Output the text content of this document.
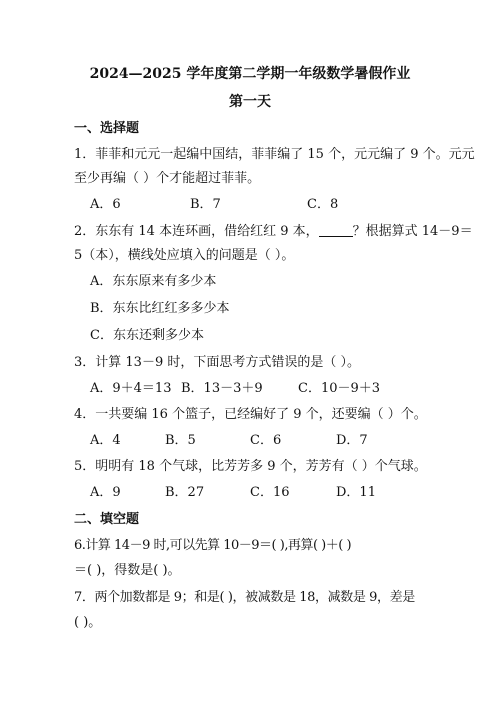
2024—2025 学年度第二学期一年级数学暑假作业
第一天
一、选择题
1．菲菲和元元一起编中国结，菲菲编了 15 个，元元编了 9 个。元元
至少再编（ ）个才能超过菲菲。
A．6	B．7	C．8
2．东东有 14 本连环画，借给红红 9 本，	？根据算式 14－9＝
5（本），横线处应填入的问题是（ ）。
A．东东原来有多少本
B．东东比红红多多少本
C．东东还剩多少本
3．计算 13－9 时，下面思考方式错误的是（ ）。
A．9＋4＝13 B．13－3＋9	C．10－9＋3
4．一共要编 16 个篮子，已经编好了 9 个，还要编（ ）个。
A．4	B．5	C．6	D．7
5．明明有 18 个气球，比芳芳多 9 个，芳芳有（ ）个气球。
A．9	B．27	C．16	D．11
二、填空题
6.计算 14－9 时,可以先算 10－9＝( ),再算( )＋( )
＝( )，得数是( )。
7．两个加数都是 9；和是( )，被减数是 18，减数是 9，差是
( )。
